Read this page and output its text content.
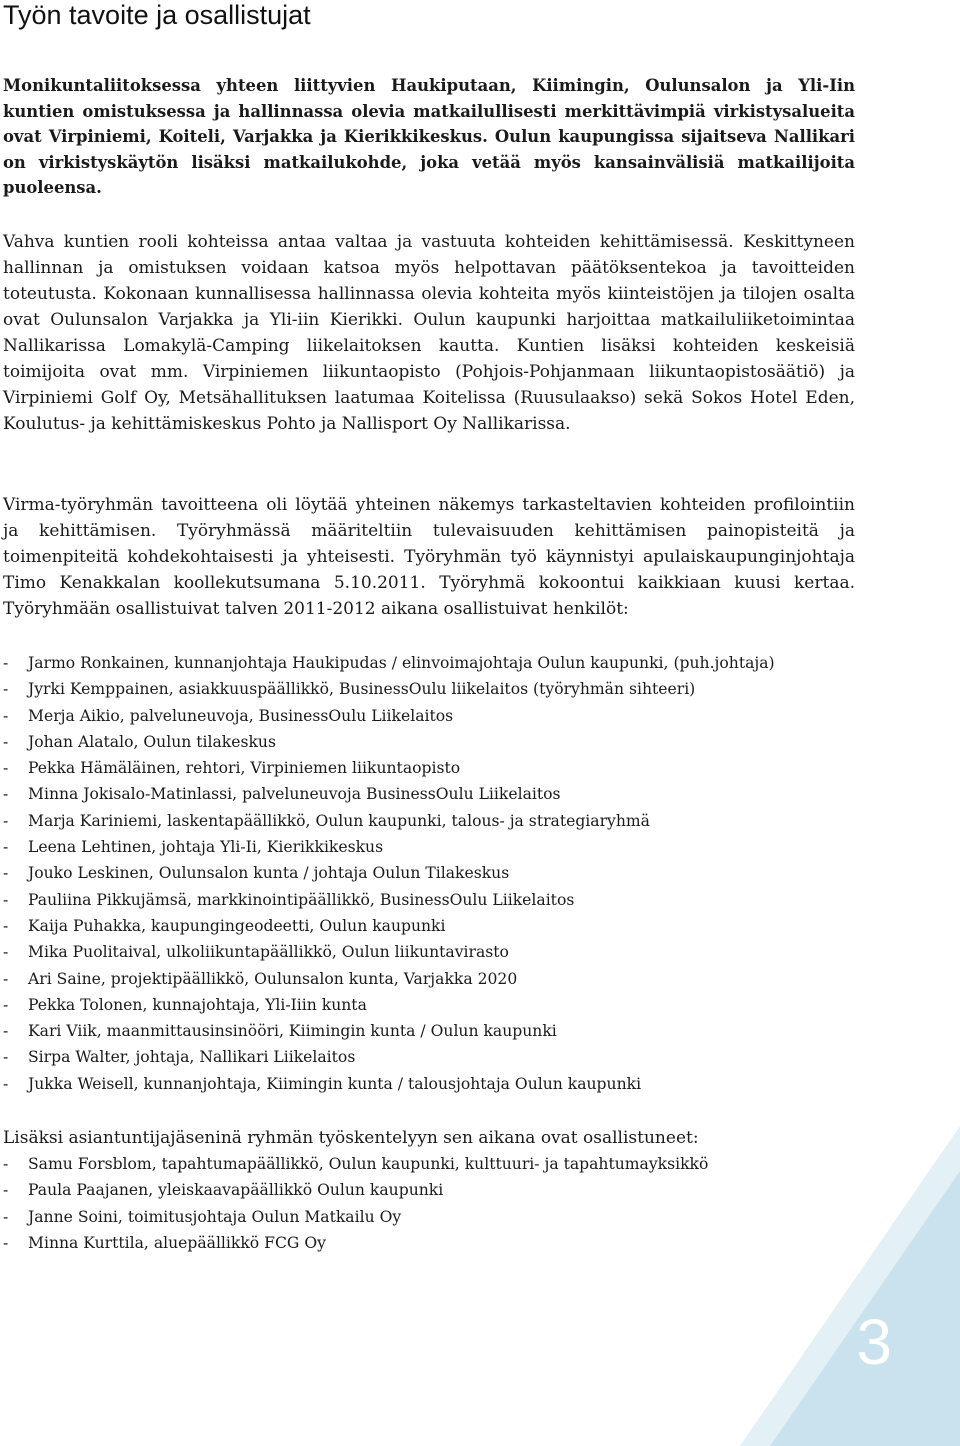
Työn tavoite ja osallistujat

Monikuntaliitoksessa yhteen liittyvien Haukiputaan, Kiimingin, Oulunsalon ja Yli-Iin kuntien omistuksessa ja hallinnassa olevia matkailullisesti merkittävimpiä virkistysalueita ovat Virpiniemi, Koiteli, Varjakka ja Kierikkikeskus. Oulun kaupungissa sijaitseva Nallikari on virkistyskäytön lisäksi matkailukohde, joka vetää myös kansainvälisiä matkailijoita puoleensa.

Vahva kuntien rooli kohteissa antaa valtaa ja vastuuta kohteiden kehittämisessä. Keskittyneen hallinnan ja omistuksen voidaan katsoa myös helpottavan päätöksentekoa ja tavoitteiden toteutusta. Kokonaan kunnallisessa hallinnassa olevia kohteita myös kiinteistöjen ja tilojen osalta ovat Oulunsalon Varjakka ja Yli-iin Kierikki. Oulun kaupunki harjoittaa matkailuliiketoimintaa Nallikarissa Lomakylä-Camping liikelaitoksen kautta. Kuntien lisäksi kohteiden keskeisiä toimijoita ovat mm. Virpiniemen liikuntaopisto (Pohjois-Pohjanmaan liikuntaopistosäätiö) ja Virpiniemi Golf Oy, Metsähallituksen laatumaa Koitelissa (Ruusulaakso) sekä Sokos Hotel Eden, Koulutus- ja kehittämiskeskus Pohto ja Nallisport Oy Nallikarissa.

Virma-työryhmän tavoitteena oli löytää yhteinen näkemys tarkasteltavien kohteiden profilointiin ja kehittämisen. Työryhmässä määriteltiin tulevaisuuden kehittämisen painopisteitä ja toimenpiteitä kohdekohtaisesti ja yhteisesti. Työryhmän työ käynnistyi apulaiskaupunginjohtaja Timo Kenakkalan koollekutsumana 5.10.2011. Työryhmä kokoontui kaikkiaan kuusi kertaa. Työryhmään osallistuivat talven 2011-2012 aikana osallistuivat henkilöt:

- Jarmo Ronkainen, kunnanjohtaja Haukipudas / elinvoimajohtaja Oulun kaupunki, (puh.johtaja)
- Jyrki Kemppainen, asiakkuuspäällikkö, BusinessOulu liikelaitos (työryhmän sihteeri)
- Merja Aikio, palveluneuvoja, BusinessOulu Liikelaitos
- Johan Alatalo, Oulun tilakeskus
- Pekka Hämäläinen, rehtori, Virpiniemen liikuntaopisto
- Minna Jokisalo-Matinlassi, palveluneuvoja BusinessOulu Liikelaitos
- Marja Kariniemi, laskentapäällikkö, Oulun kaupunki, talous- ja strategiaryhmä
- Leena Lehtinen, johtaja Yli-Ii, Kierikkikeskus
- Jouko Leskinen, Oulunsalon kunta / johtaja Oulun Tilakeskus
- Pauliina Pikkujämsä, markkinointipäällikkö, BusinessOulu Liikelaitos
- Kaija Puhakka, kaupungingeodeetti, Oulun kaupunki
- Mika Puolitaival, ulkoliikuntapäällikkö, Oulun liikuntavirasto
- Ari Saine, projektipäällikkö, Oulunsalon kunta, Varjakka 2020
- Pekka Tolonen, kunnajohtaja, Yli-Iiin kunta
- Kari Viik, maanmittausinsinööri, Kiimingin kunta / Oulun kaupunki
- Sirpa Walter, johtaja, Nallikari Liikelaitos
- Jukka Weisell, kunnanjohtaja, Kiimingin kunta / talousjohtaja Oulun kaupunki

Lisäksi asiantuntijajäseninä ryhmän työskentelyyn sen aikana ovat osallistuneet:

- Samu Forsblom, tapahtumapäällikkö, Oulun kaupunki, kulttuuri- ja tapahtumayksikkö
- Paula Paajanen, yleiskaavapäällikkö Oulun kaupunki
- Janne Soini, toimitusjohtaja Oulun Matkailu Oy
- Minna Kurttila, aluepäällikkö FCG Oy
3
